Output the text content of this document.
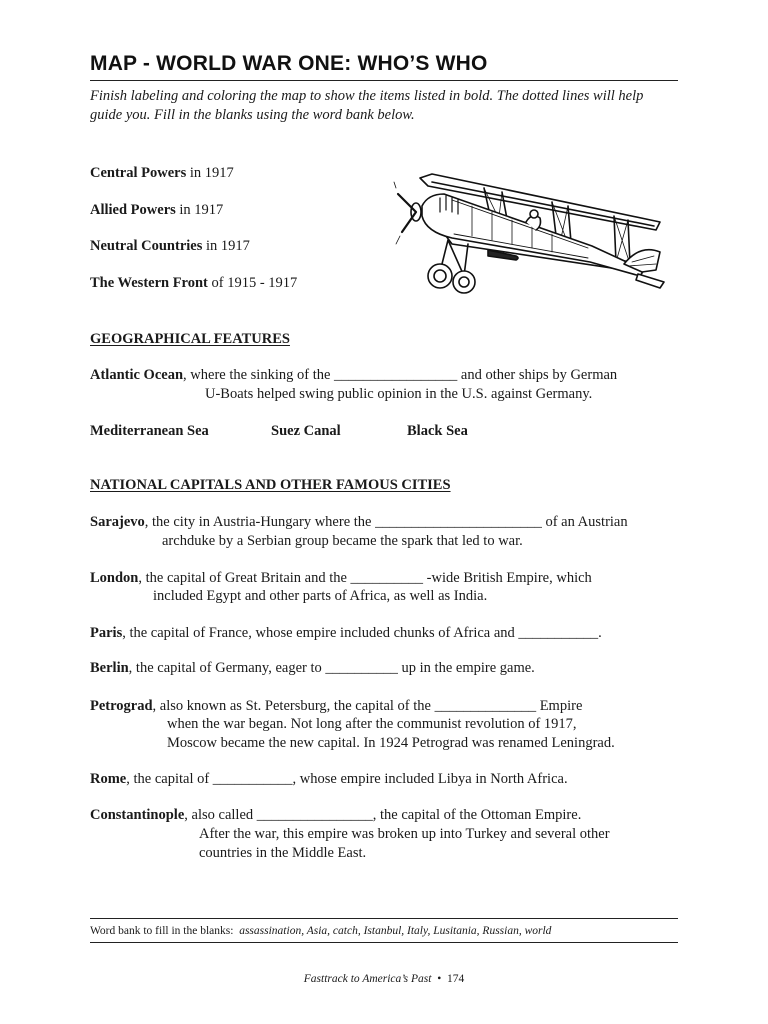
MAP - WORLD WAR ONE: WHO’S WHO
Finish labeling and coloring the map to show the items listed in bold. The dotted lines will help guide you. Fill in the blanks using the word bank below.
Central Powers in 1917
Allied Powers in 1917
Neutral Countries in 1917
The Western Front of 1915 - 1917
GEOGRAPHICAL FEATURES
Atlantic Ocean, where the sinking of the _________________ and other ships by German
U-Boats helped swing public opinion in the U.S. against Germany.
Mediterranean Sea	Suez Canal	Black Sea
NATIONAL CAPITALS AND OTHER FAMOUS CITIES
Sarajevo, the city in Austria-Hungary where the _______________________ of an Austrian
archduke by a Serbian group became the spark that led to war.
London, the capital of Great Britain and the __________ -wide British Empire, which
included Egypt and other parts of Africa, as well as India.
Paris, the capital of France, whose empire included chunks of Africa and ___________.
Berlin, the capital of Germany, eager to __________ up in the empire game.
Petrograd, also known as St. Petersburg, the capital of the ______________ Empire
when the war began. Not long after the communist revolution of 1917,
Moscow became the new capital. In 1924 Petrograd was renamed Leningrad.
Rome, the capital of ___________, whose empire included Libya in North Africa.
Constantinople, also called ________________, the capital of the Ottoman Empire.
After the war, this empire was broken up into Turkey and several other
countries in the Middle East.
Word bank to fill in the blanks: assassination, Asia, catch, Istanbul, Italy, Lusitania, Russian, world
Fasttrack to America’s Past • 174
